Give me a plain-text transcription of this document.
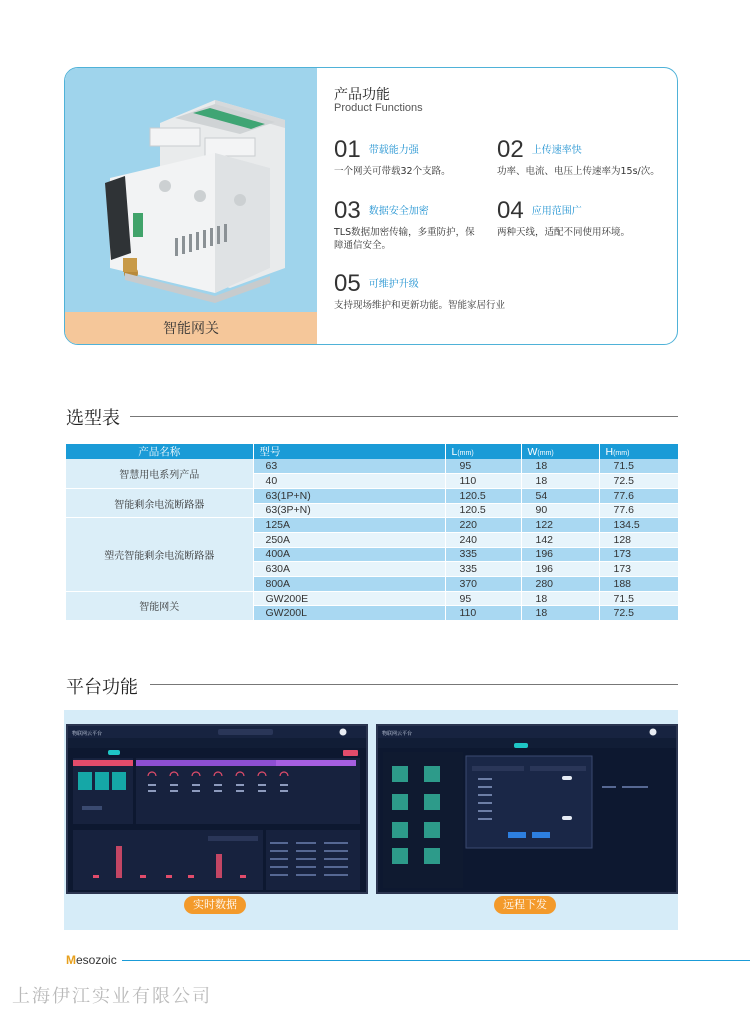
智能网关
产品功能
Product Functions
01 带载能力强
一个网关可带载32个支路。
02 上传速率快
功率、电流、电压上传速率为15s/次。
03 数据安全加密
TLS数据加密传输，多重防护，保障通信安全。
04 应用范围广
两种天线，适配不同使用环境。
05 可维护升级
支持现场维护和更新功能。智能家居行业
选型表
产品名称	型号	L(mm)	W(mm)	H(mm)
智慧用电系列产品	63	95	18	71.5
	40	110	18	72.5
智能剩余电流断路器	63(1P+N)	120.5	54	77.6
	63(3P+N)	120.5	90	77.6
塑壳智能剩余电流断路器	125A	220	122	134.5
	250A	240	142	128
	400A	335	196	173
	630A	335	196	173
	800A	370	280	188
智能网关	GW200E	95	18	71.5
	GW200L	110	18	72.5
平台功能
物联网云平台	物联网云平台
实时数据	远程下发
Mesozoic
上海伊江实业有限公司
